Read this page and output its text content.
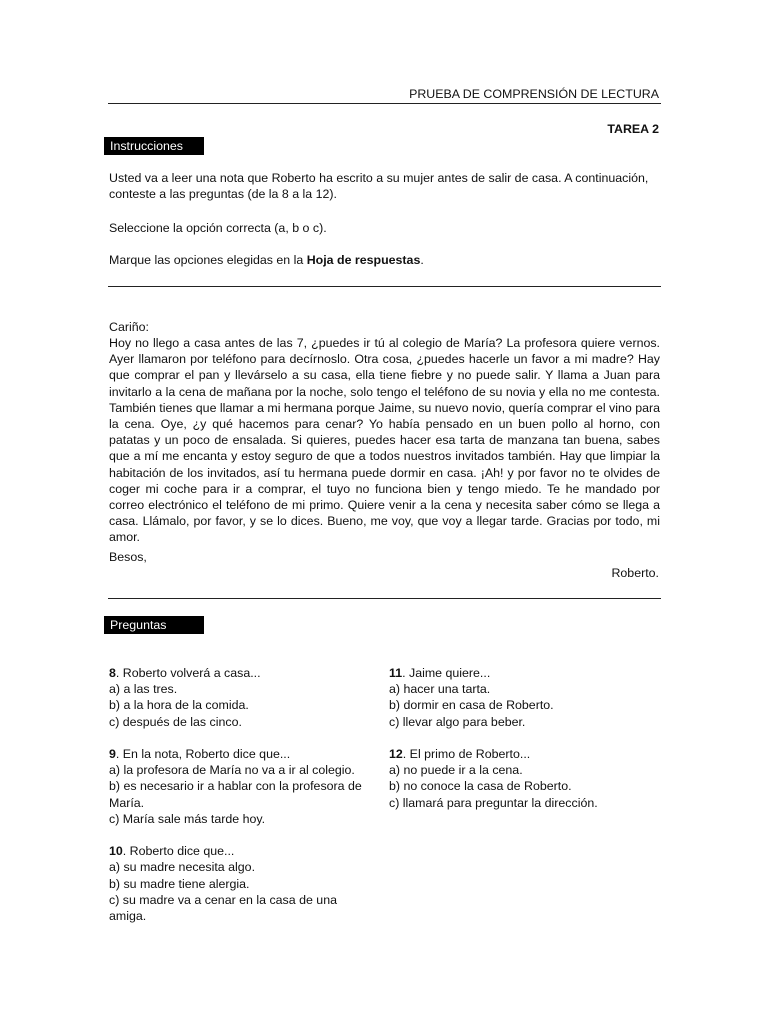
PRUEBA DE COMPRENSIÓN DE LECTURA
TAREA 2
Instrucciones
Usted va a leer una nota que Roberto ha escrito a su mujer antes de salir de casa. A continuación, conteste a las preguntas (de la 8 a la 12).
Seleccione la opción correcta (a, b o c).
Marque las opciones elegidas en la Hoja de respuestas.
Cariño:
Hoy no llego a casa antes de las 7, ¿puedes ir tú al colegio de María? La profesora quiere vernos. Ayer llamaron por teléfono para decírnoslo. Otra cosa, ¿puedes hacerle un favor a mi madre? Hay que comprar el pan y llevárselo a su casa, ella tiene fiebre y no puede salir. Y llama a Juan para invitarlo a la cena de mañana por la noche, solo tengo el teléfono de su novia y ella no me contesta. También tienes que llamar a mi hermana porque Jaime, su nuevo novio, quería comprar el vino para la cena. Oye, ¿y qué hacemos para cenar? Yo había pensado en un buen pollo al horno, con patatas y un poco de ensalada. Si quieres, puedes hacer esa tarta de manzana tan buena, sabes que a mí me encanta y estoy seguro de que a todos nuestros invitados también. Hay que limpiar la habitación de los invitados, así tu hermana puede dormir en casa. ¡Ah! y por favor no te olvides de coger mi coche para ir a comprar, el tuyo no funciona bien y tengo miedo. Te he mandado por correo electrónico el teléfono de mi primo. Quiere venir a la cena y necesita saber cómo se llega a casa. Llámalo, por favor, y se lo dices. Bueno, me voy, que voy a llegar tarde. Gracias por todo, mi amor.
Besos,
Roberto.
Preguntas
8. Roberto volverá a casa...
a) a las tres.
b) a la hora de la comida.
c) después de las cinco.
9. En la nota, Roberto dice que...
a) la profesora de María no va a ir al colegio.
b) es necesario ir a hablar con la profesora de María.
c) María sale más tarde hoy.
10. Roberto dice que...
a) su madre necesita algo.
b) su madre tiene alergia.
c) su madre va a cenar en la casa de una amiga.
11. Jaime quiere...
a) hacer una tarta.
b) dormir en casa de Roberto.
c) llevar algo para beber.
12. El primo de Roberto...
a) no puede ir a la cena.
b) no conoce la casa de Roberto.
c) llamará para preguntar la dirección.
